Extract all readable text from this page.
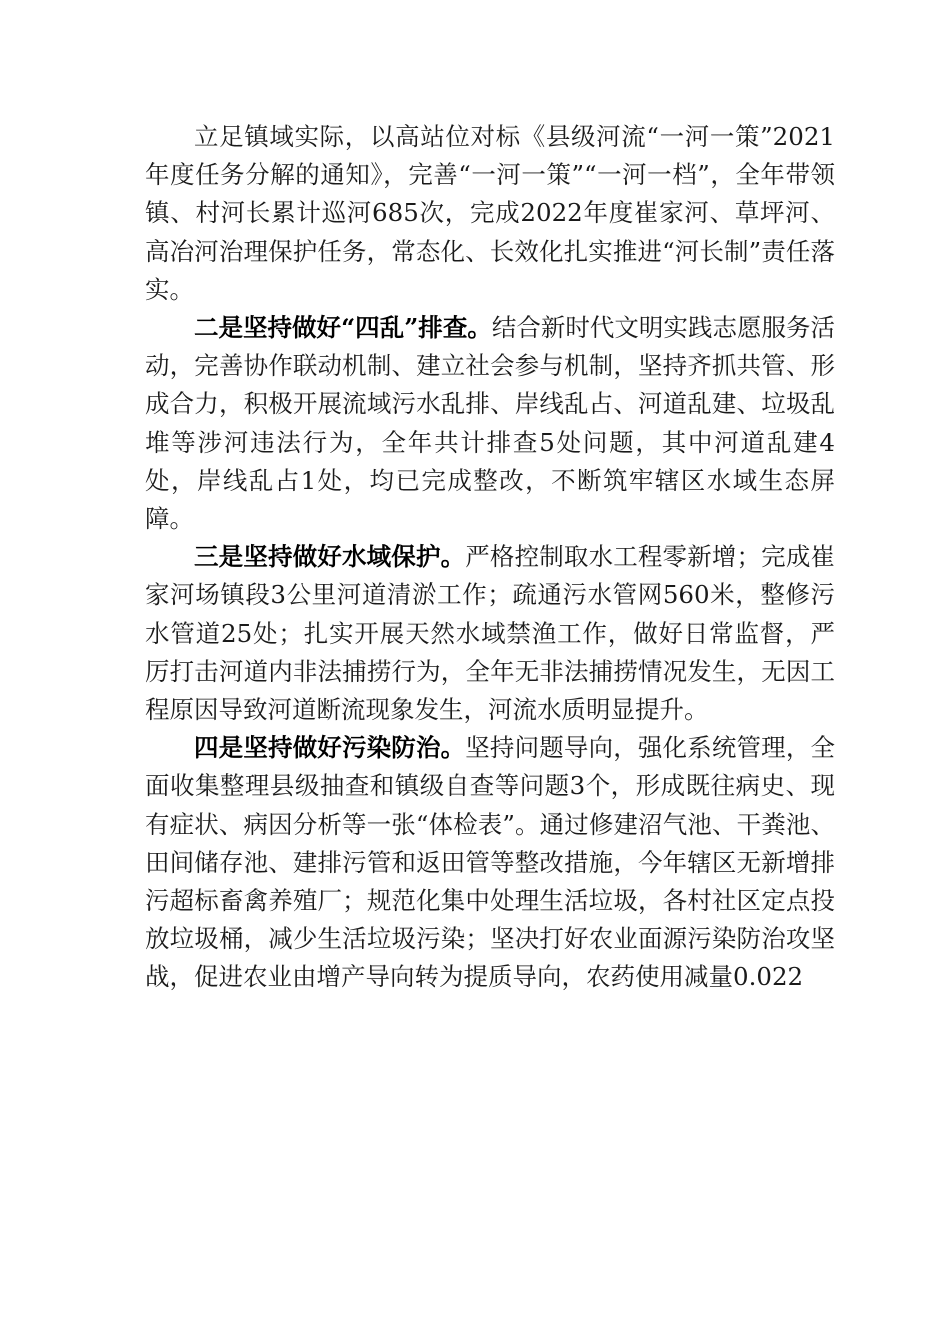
立足镇域实际，以高站位对标《县级河流“一河一策”2021年度任务分解的通知》，完善“一河一策”“一河一档”，全年带领镇、村河长累计巡河685次，完成2022年度崔家河、草坪河、高冶河治理保护任务，常态化、长效化扎实推进“河长制”责任落实。

二是坚持做好“四乱”排查。结合新时代文明实践志愿服务活动，完善协作联动机制、建立社会参与机制，坚持齐抓共管、形成合力，积极开展流域污水乱排、岸线乱占、河道乱建、垃圾乱堆等涉河违法行为，全年共计排查5处问题，其中河道乱建4处，岸线乱占1处，均已完成整改，不断筑牢辖区水域生态屏障。

三是坚持做好水域保护。严格控制取水工程零新增；完成崔家河场镇段3公里河道清淤工作；疏通污水管网560米，整修污水管道25处；扎实开展天然水域禁渔工作，做好日常监督，严厉打击河道内非法捕捞行为，全年无非法捕捞情况发生，无因工程原因导致河道断流现象发生，河流水质明显提升。

四是坚持做好污染防治。坚持问题导向，强化系统管理，全面收集整理县级抽查和镇级自查等问题3个，形成既往病史、现有症状、病因分析等一张“体检表”。通过修建沼气池、干粪池、田间储存池、建排污管和返田管等整改措施，今年辖区无新增排污超标畜禽养殖厂；规范化集中处理生活垃圾，各村社区定点投放垃圾桶，减少生活垃圾污染；坚决打好农业面源污染防治攻坚战，促进农业由增产导向转为提质导向，农药使用减量0.022
